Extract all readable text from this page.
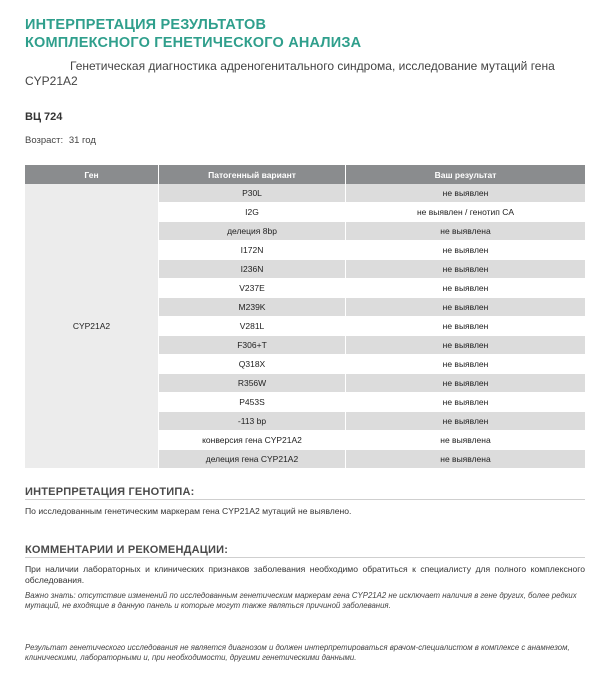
ИНТЕРПРЕТАЦИЯ РЕЗУЛЬТАТОВ
КОМПЛЕКСНОГО ГЕНЕТИЧЕСКОГО АНАЛИЗА
Генетическая диагностика адреногенитального синдрома, исследование мутаций гена CYP21A2
ВЦ 724
Возраст: 31 год
Ген	Патогенный вариант	Ваш результат
CYP21A2	P30L	не выявлен
	I2G	не выявлен / генотип CA
	делеция 8bp	не выявлена
	I172N	не выявлен
	I236N	не выявлен
	V237E	не выявлен
	M239K	не выявлен
	V281L	не выявлен
	F306+T	не выявлен
	Q318X	не выявлен
	R356W	не выявлен
	P453S	не выявлен
	-113 bp	не выявлен
	конверсия гена CYP21A2	не выявлена
	делеция гена CYP21A2	не выявлена
ИНТЕРПРЕТАЦИЯ ГЕНОТИПА:
По исследованным генетическим маркерам гена CYP21A2 мутаций не выявлено.
КОММЕНТАРИИ И РЕКОМЕНДАЦИИ:
При наличии лабораторных и клинических признаков заболевания необходимо обратиться к специалисту для полного комплексного обследования.
Важно знать: отсутствие изменений по исследованным генетическим маркерам гена CYP21A2 не исключает наличия в гене других, более редких мутаций, не входящие в данную панель и которые могут также являться причиной заболевания.
Результат генетического исследования не является диагнозом и должен интерпретироваться врачом-специалистом в комплексе с анамнезом, клиническими, лабораторными и, при необходимости, другими генетическими данными.
